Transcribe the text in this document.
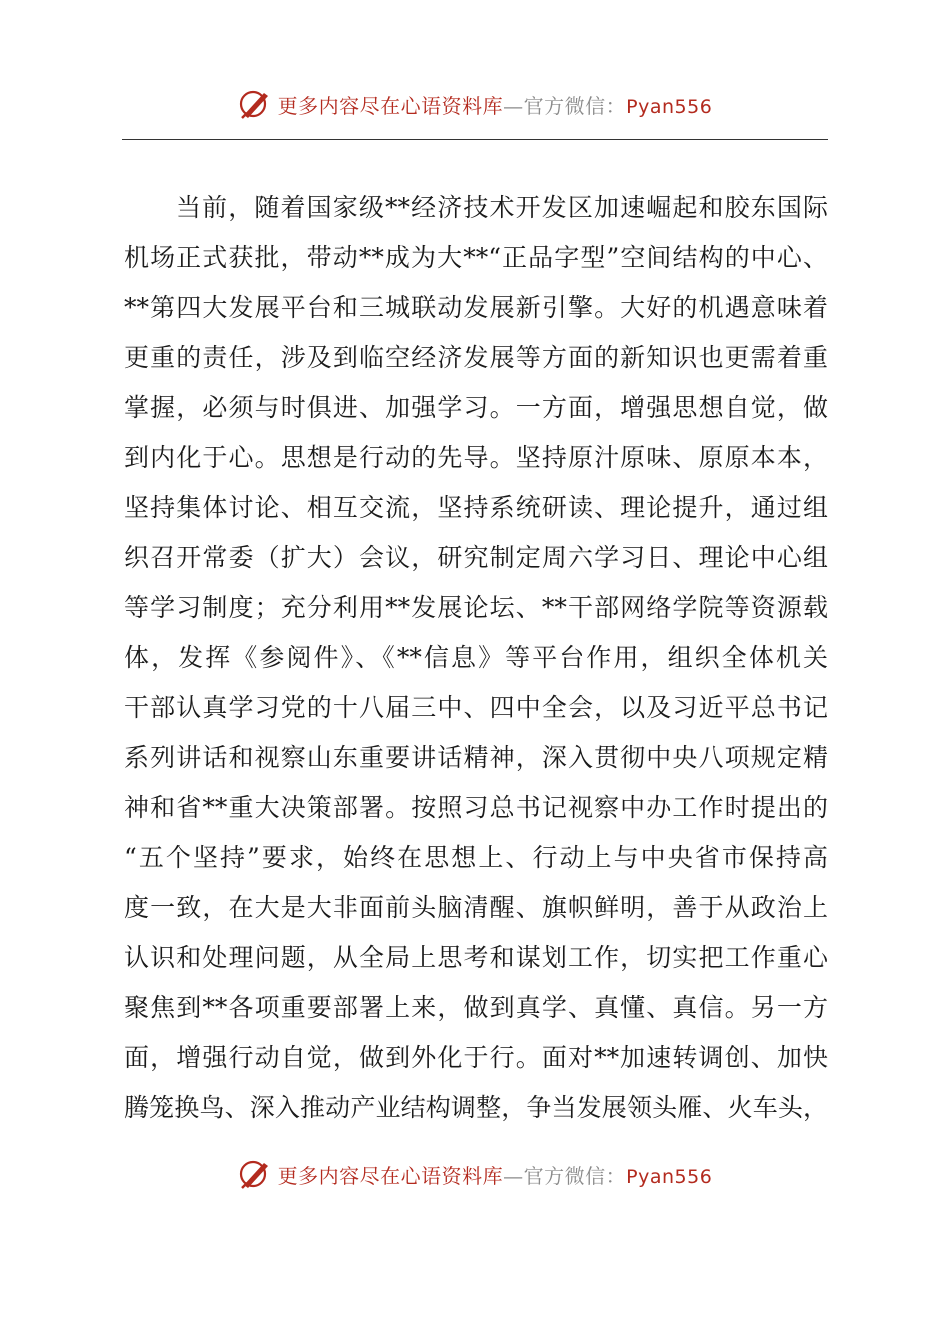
更多内容尽在心语资料库—官方微信：Pyan556
当前，随着国家级**经济技术开发区加速崛起和胶东国际
机场正式获批，带动**成为大**“正品字型”空间结构的中心、
**第四大发展平台和三城联动发展新引擎。大好的机遇意味着
更重的责任，涉及到临空经济发展等方面的新知识也更需着重
掌握，必须与时俱进、加强学习。一方面，增强思想自觉，做
到内化于心。思想是行动的先导。坚持原汁原味、原原本本，
坚持集体讨论、相互交流，坚持系统研读、理论提升，通过组
织召开常委（扩大）会议，研究制定周六学习日、理论中心组
等学习制度；充分利用**发展论坛、**干部网络学院等资源载
体，发挥《参阅件》、《**信息》等平台作用，组织全体机关
干部认真学习党的十八届三中、四中全会，以及习近平总书记
系列讲话和视察山东重要讲话精神，深入贯彻中央八项规定精
神和省**重大决策部署。按照习总书记视察中办工作时提出的
“五个坚持”要求，始终在思想上、行动上与中央省市保持高
度一致，在大是大非面前头脑清醒、旗帜鲜明，善于从政治上
认识和处理问题，从全局上思考和谋划工作，切实把工作重心
聚焦到**各项重要部署上来，做到真学、真懂、真信。另一方
面，增强行动自觉，做到外化于行。面对**加速转调创、加快
腾笼换鸟、深入推动产业结构调整，争当发展领头雁、火车头，
更多内容尽在心语资料库—官方微信：Pyan556
